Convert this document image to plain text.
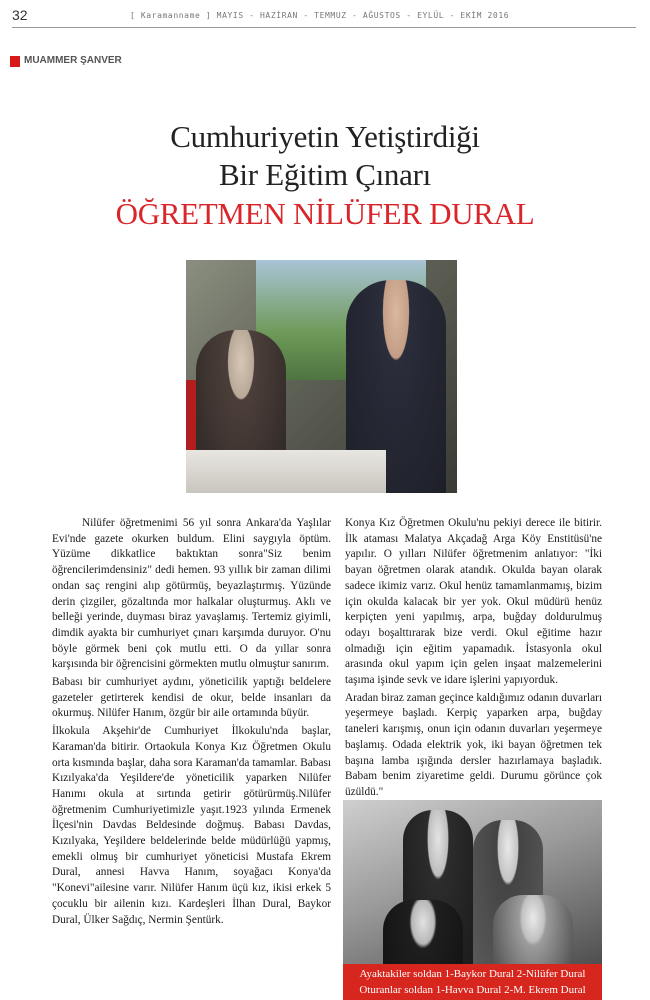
32	[ Karamanname ] MAYIS - HAZİRAN - TEMMUZ - AĞUSTOS - EYLÜL - EKİM 2016
MUAMMER ŞANVER
Cumhuriyetin Yetiştirdiği
Bir Eğitim Çınarı
ÖĞRETMEN NİLÜFER DURAL

Nilüfer öğretmenimi 56 yıl sonra Ankara'da Yaşlılar Evi'nde gazete okurken buldum. Elini saygıyla öptüm. Yüzüme dikkatlice baktıktan sonra"Siz benim öğrencilerimdensiniz" dedi hemen. 93 yıllık bir zaman dilimi ondan saç rengini alıp götürmüş, beyazlaştırmış. Yüzünde derin çizgiler, gözaltında mor halkalar oluşturmuş. Aklı ve belleği yerinde, duyması biraz yavaşlamış. Tertemiz giyimli, dimdik ayakta bir cumhuriyet çınarı karşımda duruyor. O'nu böyle görmek beni çok mutlu etti. O da yıllar sonra karşısında bir öğrencisini görmekten mutlu olmuştur sanırım.

Babası bir cumhuriyet aydını, yöneticilik yaptığı beldelere gazeteler getirterek kendisi de okur, belde insanları da okurmuş. Nilüfer Hanım, özgür bir aile ortamında büyür.

İlkokula Akşehir'de Cumhuriyet İlkokulu'nda başlar, Karaman'da bitirir. Ortaokula Konya Kız Öğretmen Okulu orta kısmında başlar, daha sora Karaman'da tamamlar. Babası Kızılyaka'da Yeşildere'de yöneticilik yaparken Nilüfer Hanımı okula at sırtında getirir götürürmüş.Nilüfer öğretmenim Cumhuriyetimizle yaşıt.1923 yılında Ermenek İlçesi'nin Davdas Beldesinde doğmuş. Babası Davdas, Kızılyaka, Yeşildere beldelerinde belde müdürlüğü yapmış, emekli olmuş bir cumhuriyet yöneticisi Mustafa Ekrem Dural, annesi Havva Hanım, soyağacı Konya'da "Konevi"ailesine varır. Nilüfer Hanım üçü kız, ikisi erkek 5 çocuklu bir ailenin kızı. Kardeşleri İlhan Dural, Baykor Dural, Ülker Sağdıç, Nermin Şentürk.

Konya Kız Öğretmen Okulu'nu pekiyi derece ile bitirir. İlk ataması Malatya Akçadağ Arga Köy Enstitüsü'ne yapılır. O yılları Nilüfer öğretmenim anlatıyor: "İki bayan öğretmen olarak atandık. Okulda bayan olarak sadece ikimiz varız. Okul henüz tamamlanmamış, bizim için okulda kalacak bir yer yok. Okul müdürü henüz kerpiçten yeni yapılmış, arpa, buğday doldurulmuş odayı boşalttırarak bize verdi. Okul eğitime hazır olmadığı için eğitim yapamadık. İstasyonla okul arasında okul yapım için gelen inşaat malzemelerini taşıma işinde sevk ve idare işlerini yapıyorduk.

Aradan biraz zaman geçince kaldığımız odanın duvarları yeşermeye başladı. Kerpiç yaparken arpa, buğday taneleri karışmış, onun için odanın duvarları yeşermeye başlamış. Odada elektrik yok, iki bayan öğretmen tek başına lamba ışığında dersler hazırlamaya başladık. Babam benim ziyaretime geldi. Durumu görünce çok üzüldü."

Ayaktakiler soldan 1-Baykor Dural 2-Nilüfer Dural
Oturanlar soldan 1-Havva Dural 2-M. Ekrem Dural
